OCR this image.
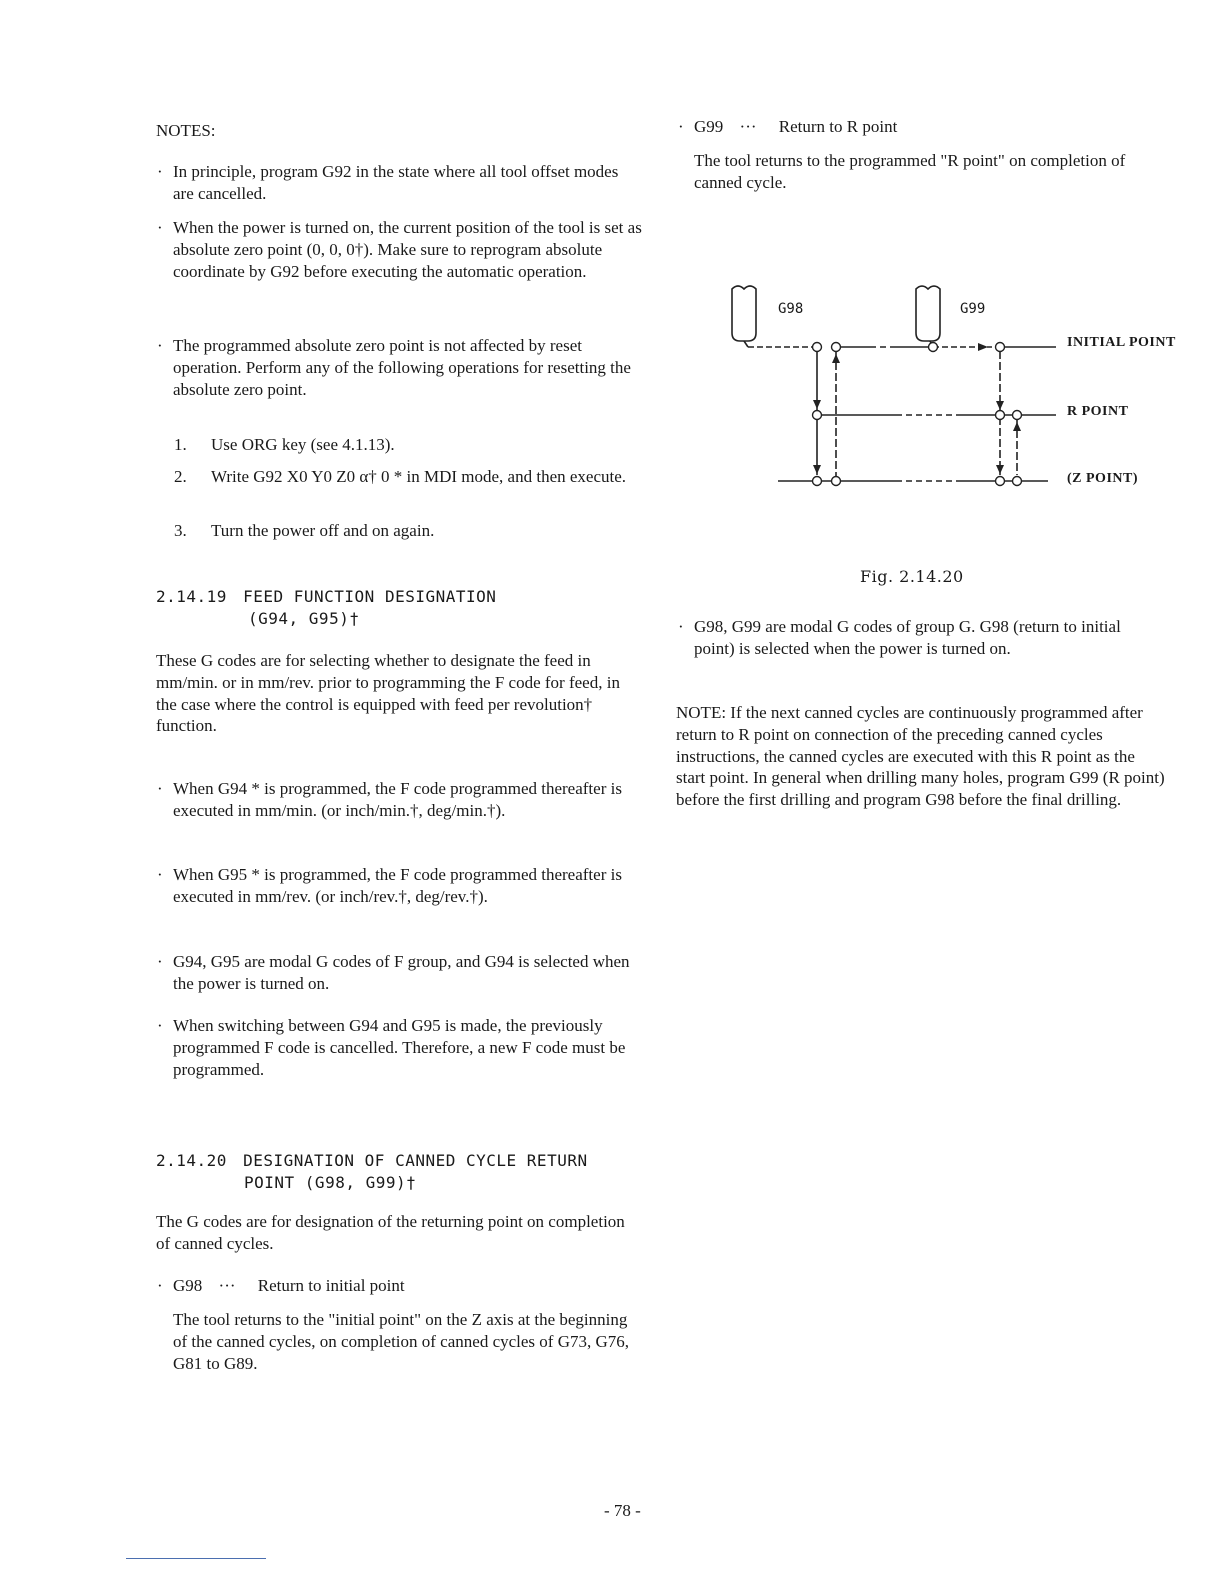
NOTES:
· In principle, program G92 in the state where all tool offset modes are cancelled.
· When the power is turned on, the current position of the tool is set as absolute zero point (0, 0, 0†). Make sure to reprogram absolute coordinate by G92 before executing the automatic operation.
· The programmed absolute zero point is not affected by reset operation. Perform any of the following operations for resetting the absolute zero point.
1. Use ORG key (see 4.1.13).
2. Write G92 X0 Y0 Z0 α† 0 * in MDI mode, and then execute.
3. Turn the power off and on again.
2.14.19 FEED FUNCTION DESIGNATION
(G94, G95)†
These G codes are for selecting whether to designate the feed in mm/min. or in mm/rev. prior to programming the F code for feed, in the case where the control is equipped with feed per revolution† function.
· When G94 * is programmed, the F code programmed thereafter is executed in mm/min. (or inch/min.†, deg/min.†).
· When G95 * is programmed, the F code programmed thereafter is executed in mm/rev. (or inch/rev.†, deg/rev.†).
· G94, G95 are modal G codes of F group, and G94 is selected when the power is turned on.
· When switching between G94 and G95 is made, the previously programmed F code is cancelled. Therefore, a new F code must be programmed.
2.14.20 DESIGNATION OF CANNED CYCLE RETURN
POINT (G98, G99)†
The G codes are for designation of the returning point on completion of canned cycles.
· G98 ··· Return to initial point
The tool returns to the "initial point" on the Z axis at the beginning of the canned cycles, on completion of canned cycles of G73, G76, G81 to G89.
· G99 ··· Return to R point
The tool returns to the programmed "R point" on completion of canned cycle.
G98	G99
INITIAL POINT
R POINT
(Z POINT)
Fig. 2.14.20
· G98, G99 are modal G codes of group G. G98 (return to initial point) is selected when the power is turned on.
NOTE: If the next canned cycles are continuously programmed after return to R point on connection of the preceding canned cycles instructions, the canned cycles are executed with this R point as the start point. In general when drilling many holes, program G99 (R point) before the first drilling and program G98 before the final drilling.
- 78 -
